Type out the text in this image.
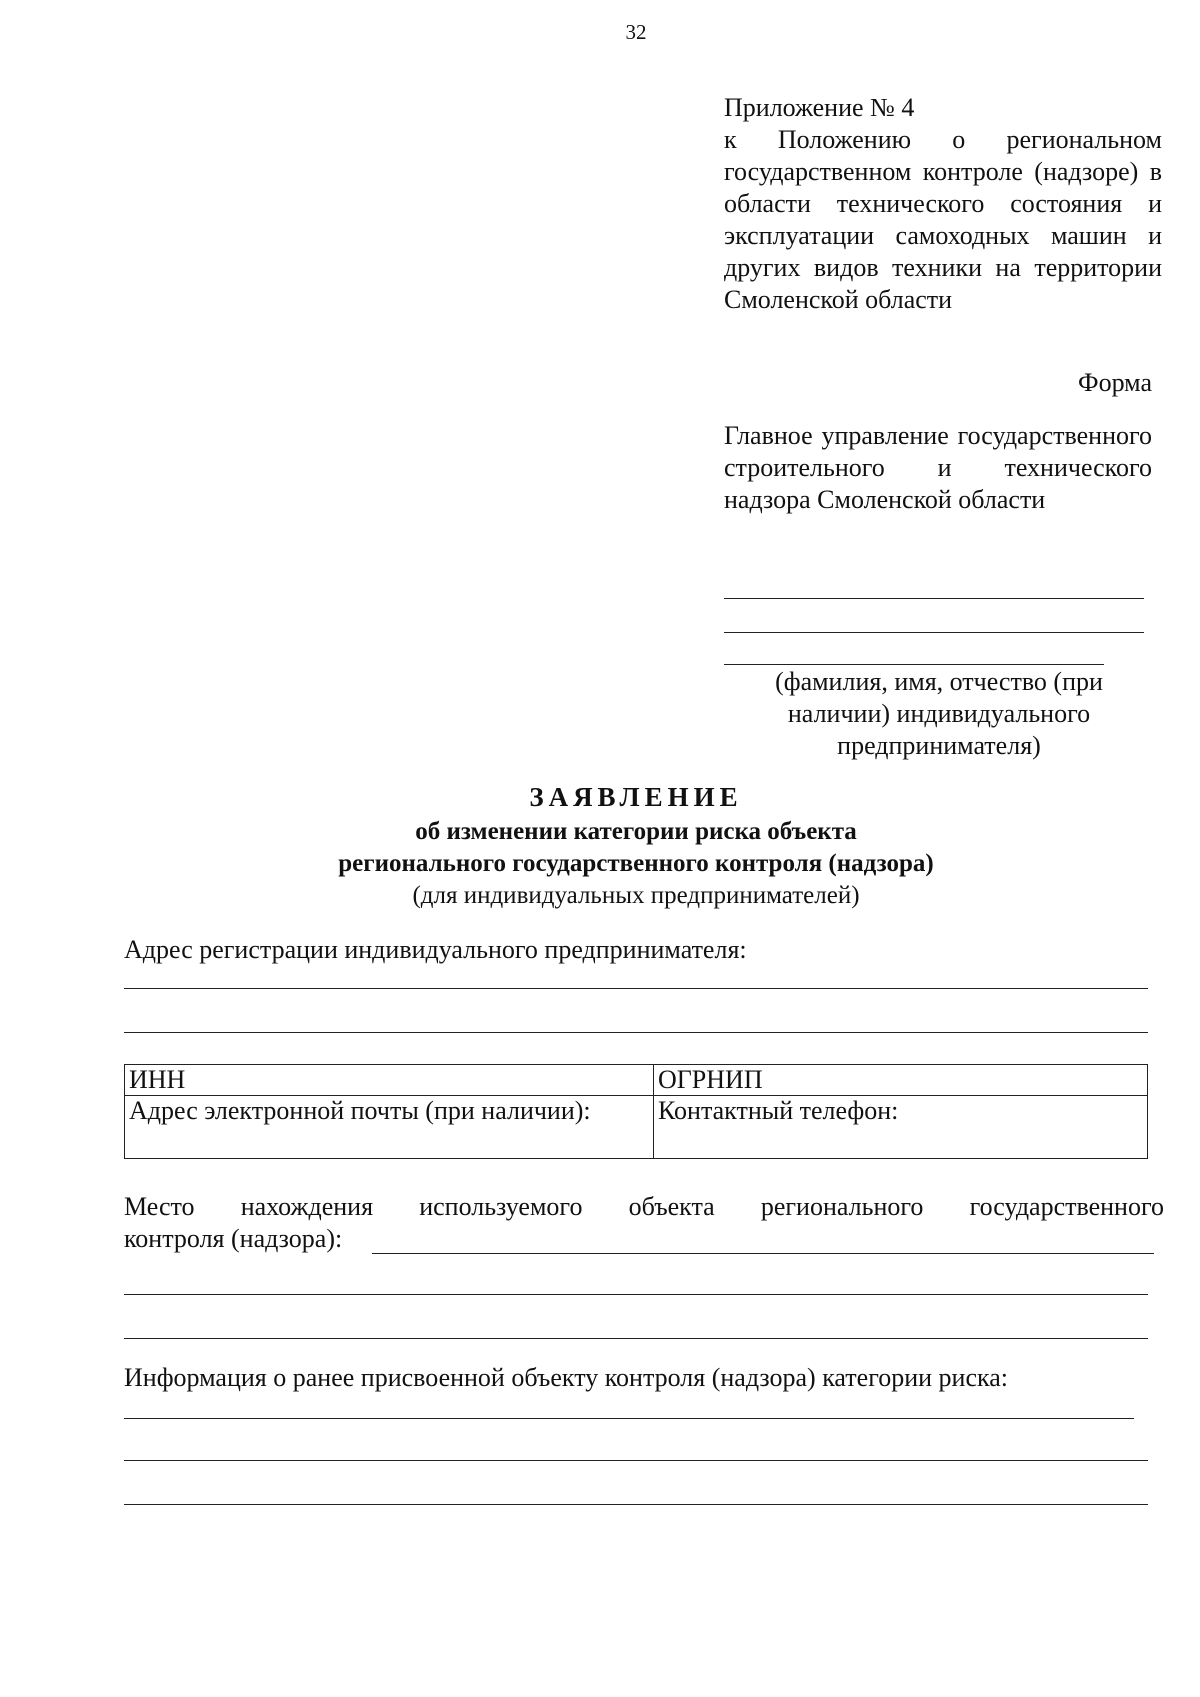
32
Приложение № 4
к Положению о региональном государственном контроле (надзоре) в области технического состояния и эксплуатации самоходных машин и других видов техники на территории Смоленской области
Форма
Главное управление государственного строительного и технического надзора Смоленской области
(фамилия, имя, отчество (при наличии) индивидуального предпринимателя)
ЗАЯВЛЕНИЕ
об изменении категории риска объекта
регионального государственного контроля (надзора)
(для индивидуальных предпринимателей)
Адрес регистрации индивидуального предпринимателя:
ИНН	ОГРНИП
Адрес электронной почты (при наличии):	Контактный телефон:
Место нахождения используемого объекта регионального государственного
контроля (надзора):
Информация о ранее присвоенной объекту контроля (надзора) категории риска:
